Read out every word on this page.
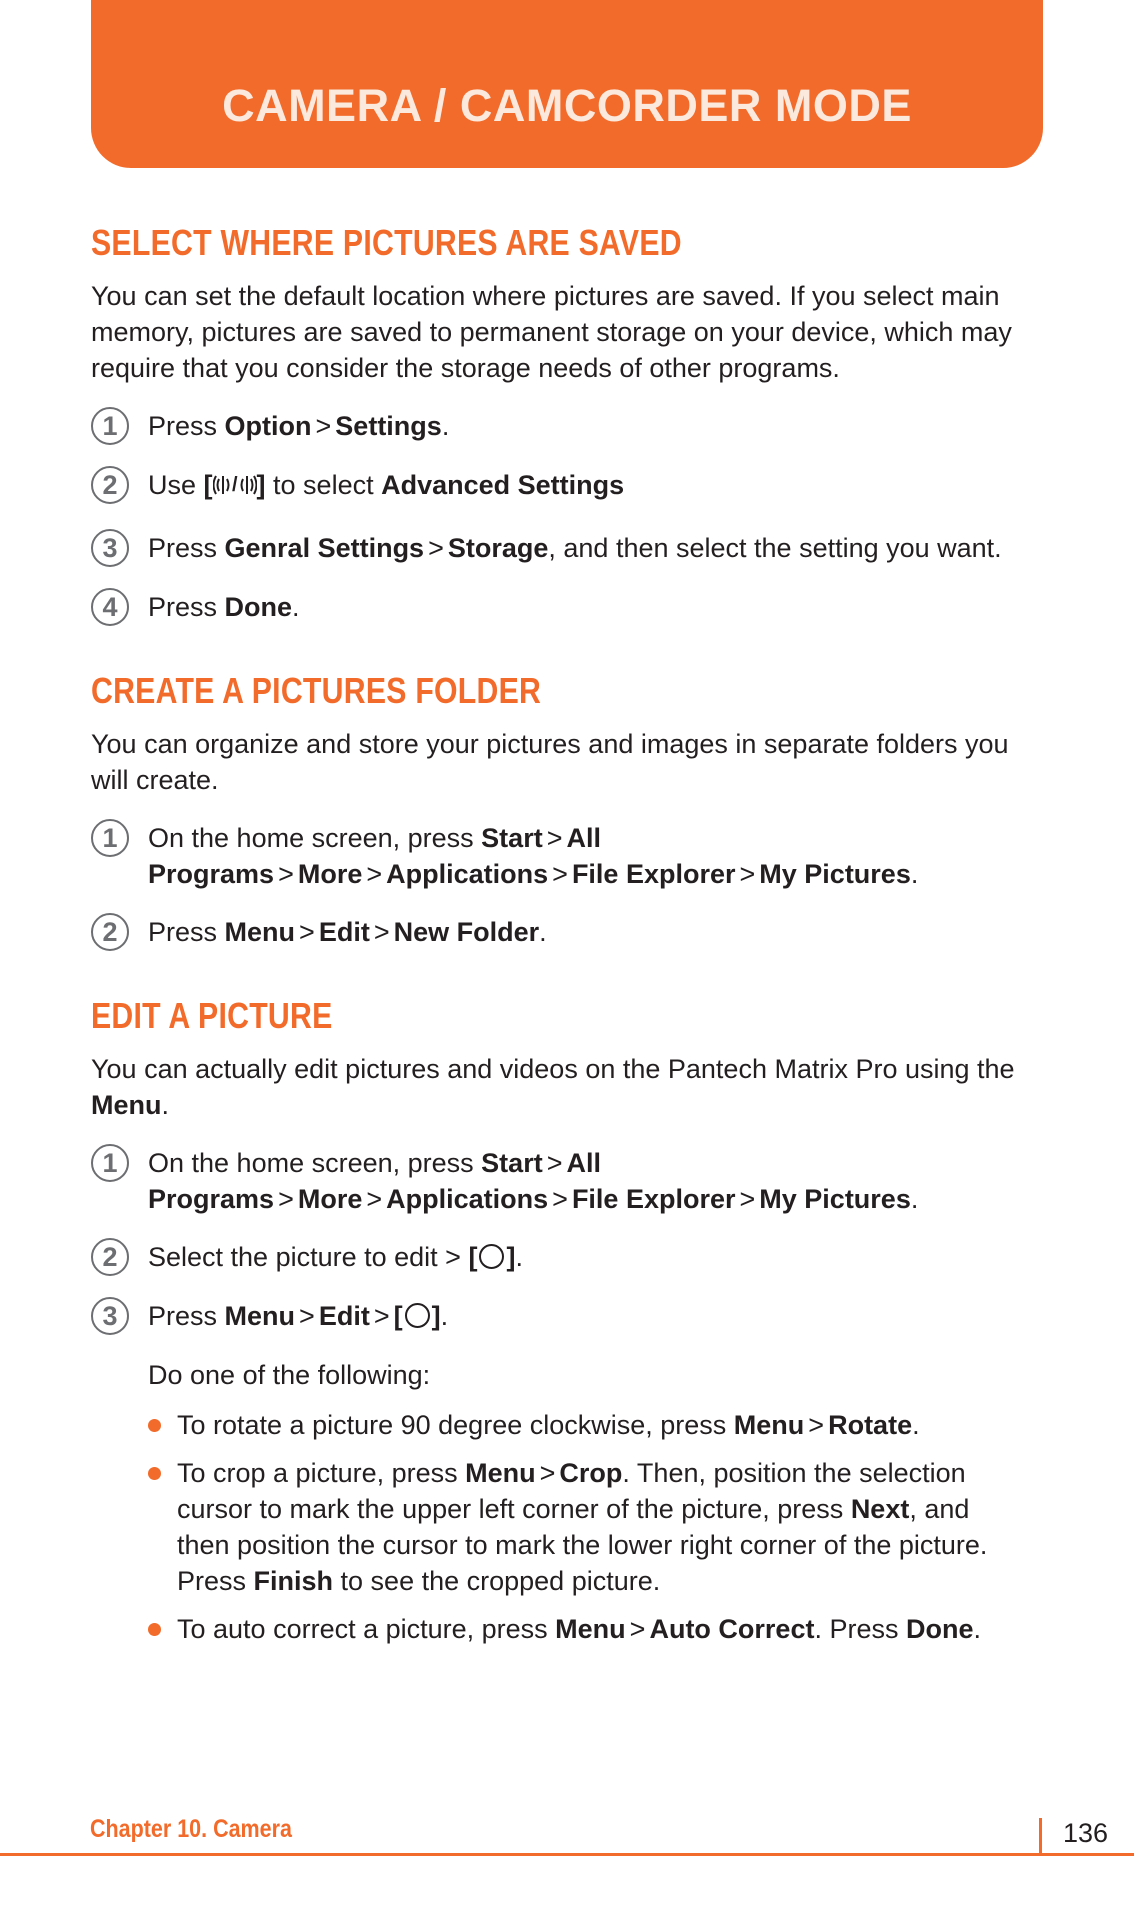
CAMERA / CAMCORDER MODE
SELECT WHERE PICTURES ARE SAVED

You can set the default location where pictures are saved. If you select main memory, pictures are saved to permanent storage on your device, which may require that you consider the storage needs of other programs.

1	Press Option > Settings.
2	Use [ / ] to select Advanced Settings
3	Press Genral Settings > Storage, and then select the setting you want.
4	Press Done.
CREATE A PICTURES FOLDER

You can organize and store your pictures and images in separate folders you will create.

1	On the home screen, press Start > All Programs > More > Applications > File Explorer > My Pictures.
2	Press Menu > Edit > New Folder.
EDIT A PICTURE

You can actually edit pictures and videos on the Pantech Matrix Pro using the Menu.

1	On the home screen, press Start > All Programs > More > Applications > File Explorer > My Pictures.
2	Select the picture to edit > [ ].
3	Press Menu > Edit > [ ].
Do one of the following:
To rotate a picture 90 degree clockwise, press Menu > Rotate.
To crop a picture, press Menu > Crop. Then, position the selection cursor to mark the upper left corner of the picture, press Next, and then position the cursor to mark the lower right corner of the picture. Press Finish to see the cropped picture.
To auto correct a picture, press Menu > Auto Correct. Press Done.
Chapter 10. Camera	136
